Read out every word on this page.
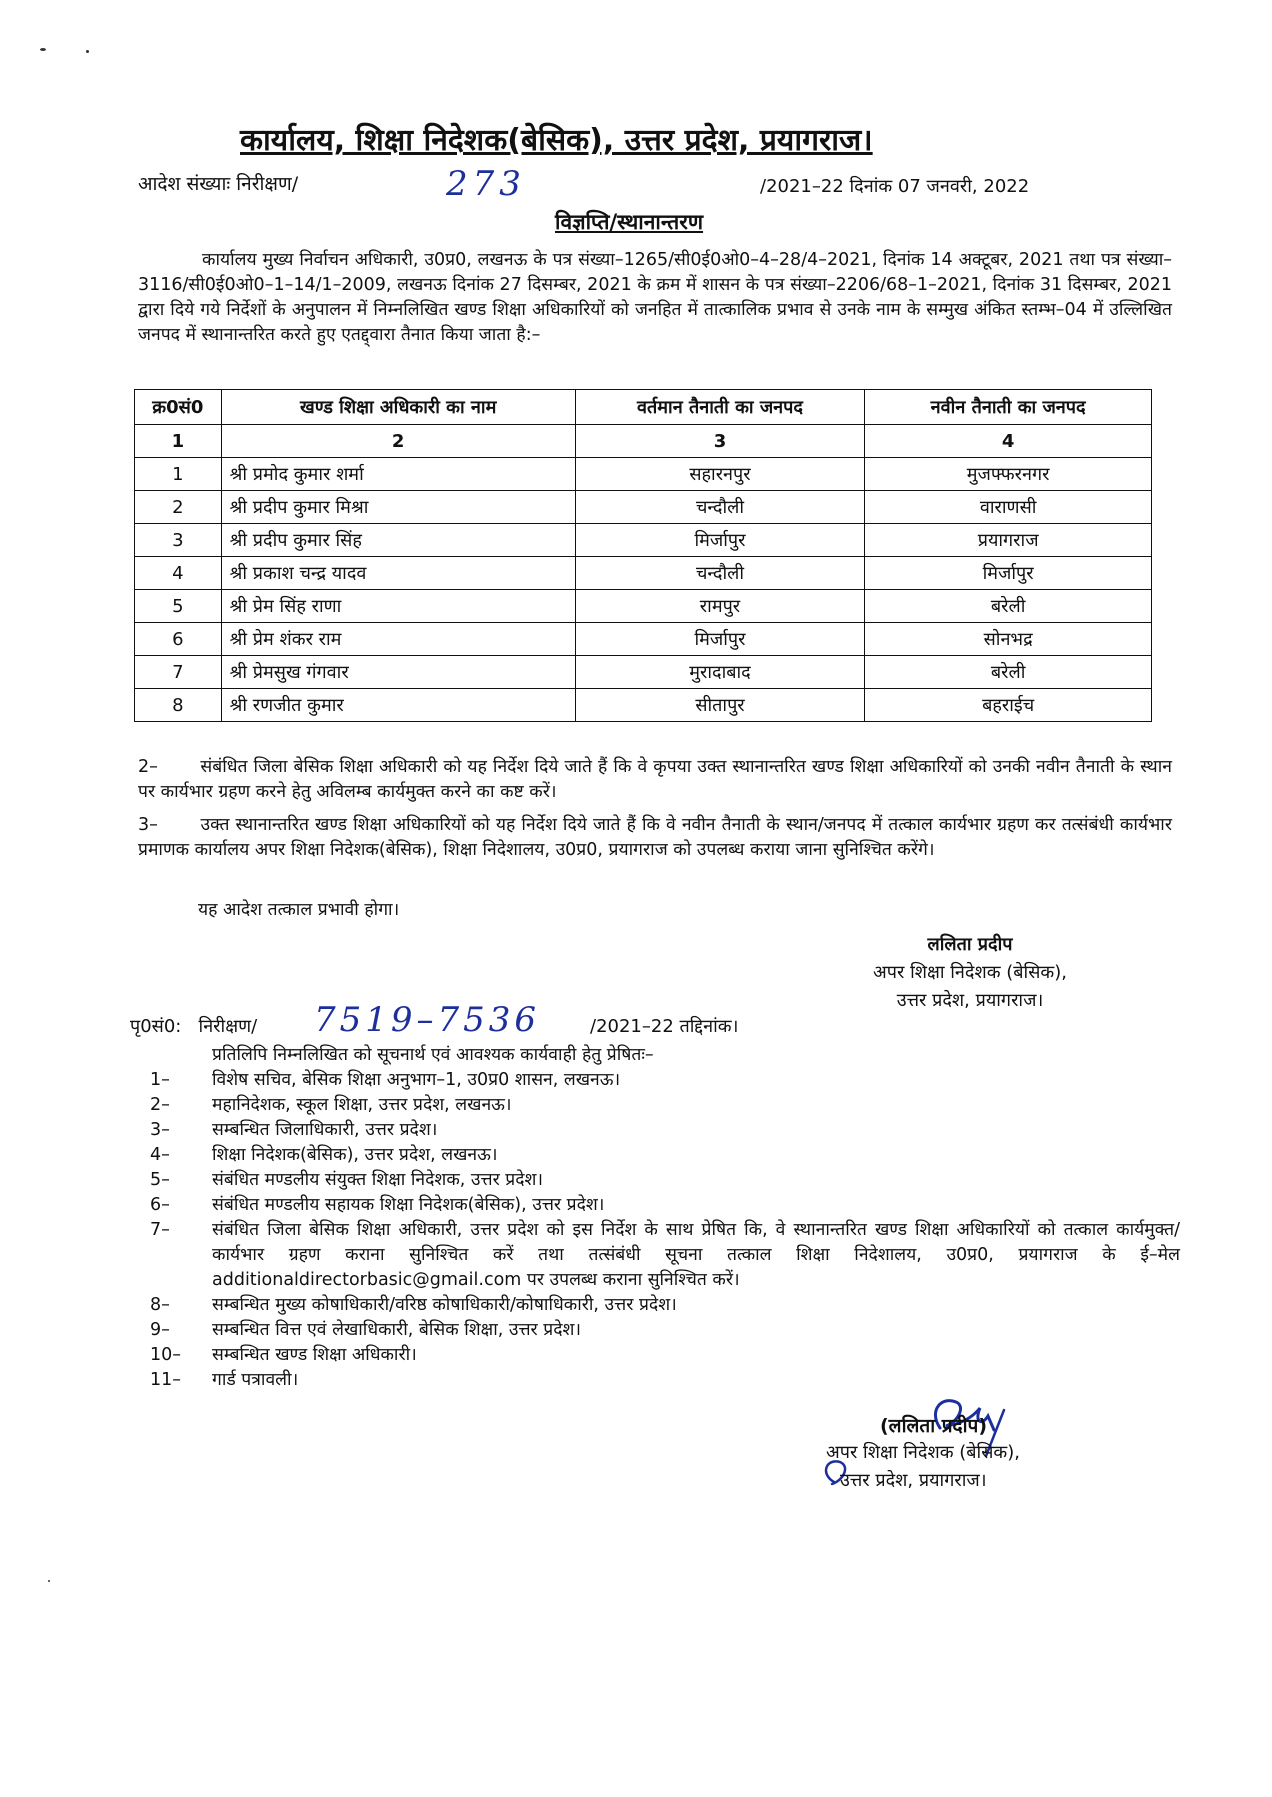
कार्यालय, शिक्षा निदेशक(बेसिक), उत्तर प्रदेश, प्रयागराज।
आदेश संख्याः निरीक्षण/	273	/2021–22 दिनांक 07 जनवरी, 2022
विज्ञप्ति/स्थानान्तरण
कार्यालय मुख्य निर्वाचन अधिकारी, उ0प्र0, लखनऊ के पत्र संख्या–1265/सी0ई0ओ0–4–28/4–2021, दिनांक 14 अक्टूबर, 2021 तथा पत्र संख्या–3116/सी0ई0ओ0–1–14/1–2009, लखनऊ दिनांक 27 दिसम्बर, 2021 के क्रम में शासन के पत्र संख्या–2206/68–1–2021, दिनांक 31 दिसम्बर, 2021 द्वारा दिये गये निर्देशों के अनुपालन में निम्नलिखित खण्ड शिक्षा अधिकारियों को जनहित में तात्कालिक प्रभाव से उनके नाम के सम्मुख अंकित स्तम्भ–04 में उल्लिखित जनपद में स्थानान्तरित करते हुए एतद्द्वारा तैनात किया जाता है:–
क्र0सं0	खण्ड शिक्षा अधिकारी का नाम	वर्तमान तैनाती का जनपद	नवीन तैनाती का जनपद
1	2	3	4
1	श्री प्रमोद कुमार शर्मा	सहारनपुर	मुजफ्फरनगर
2	श्री प्रदीप कुमार मिश्रा	चन्दौली	वाराणसी
3	श्री प्रदीप कुमार सिंह	मिर्जापुर	प्रयागराज
4	श्री प्रकाश चन्द्र यादव	चन्दौली	मिर्जापुर
5	श्री प्रेम सिंह राणा	रामपुर	बरेली
6	श्री प्रेम शंकर राम	मिर्जापुर	सोनभद्र
7	श्री प्रेमसुख गंगवार	मुरादाबाद	बरेली
8	श्री रणजीत कुमार	सीतापुर	बहराईच
2–       संबंधित जिला बेसिक शिक्षा अधिकारी को यह निर्देश दिये जाते हैं कि वे कृपया उक्त स्थानान्तरित खण्ड शिक्षा अधिकारियों को उनकी नवीन तैनाती के स्थान पर कार्यभार ग्रहण करने हेतु अविलम्ब कार्यमुक्त करने का कष्ट करें।
3–       उक्त स्थानान्तरित खण्ड शिक्षा अधिकारियों को यह निर्देश दिये जाते हैं कि वे नवीन तैनाती के स्थान/जनपद में तत्काल कार्यभार ग्रहण कर तत्संबंधी कार्यभार प्रमाणक कार्यालय अपर शिक्षा निदेशक(बेसिक), शिक्षा निदेशालय, उ0प्र0, प्रयागराज को उपलब्ध कराया जाना सुनिश्चित करेंगे।
यह आदेश तत्काल प्रभावी होगा।
ललिता प्रदीप
अपर शिक्षा निदेशक (बेसिक),
उत्तर प्रदेश, प्रयागराज।
पृ0सं0:   निरीक्षण/ 7519–7536	/2021–22 तद्दिनांक।
प्रतिलिपि निम्नलिखित को सूचनार्थ एवं आवश्यक कार्यवाही हेतु प्रेषितः–
1–	विशेष सचिव, बेसिक शिक्षा अनुभाग–1, उ0प्र0 शासन, लखनऊ।
2–	महानिदेशक, स्कूल शिक्षा, उत्तर प्रदेश, लखनऊ।
3–	सम्बन्धित जिलाधिकारी, उत्तर प्रदेश।
4–	शिक्षा निदेशक(बेसिक), उत्तर प्रदेश, लखनऊ।
5–	संबंधित मण्डलीय संयुक्त शिक्षा निदेशक, उत्तर प्रदेश।
6–	संबंधित मण्डलीय सहायक शिक्षा निदेशक(बेसिक), उत्तर प्रदेश।
7–	संबंधित जिला बेसिक शिक्षा अधिकारी, उत्तर प्रदेश को इस निर्देश के साथ प्रेषित कि, वे स्थानान्तरित खण्ड शिक्षा अधिकारियों को तत्काल कार्यमुक्त/कार्यभार ग्रहण कराना सुनिश्चित करें तथा तत्संबंधी सूचना तत्काल शिक्षा निदेशालय, उ0प्र0, प्रयागराज के ई–मेल additionaldirectorbasic@gmail.com पर उपलब्ध कराना सुनिश्चित करें।
8–	सम्बन्धित मुख्य कोषाधिकारी/वरिष्ठ कोषाधिकारी/कोषाधिकारी, उत्तर प्रदेश।
9–	सम्बन्धित वित्त एवं लेखाधिकारी, बेसिक शिक्षा, उत्तर प्रदेश।
10–	सम्बन्धित खण्ड शिक्षा अधिकारी।
11–	गार्ड पत्रावली।
(ललिता प्रदीप)
अपर शिक्षा निदेशक (बेसिक),
उत्तर प्रदेश, प्रयागराज।
